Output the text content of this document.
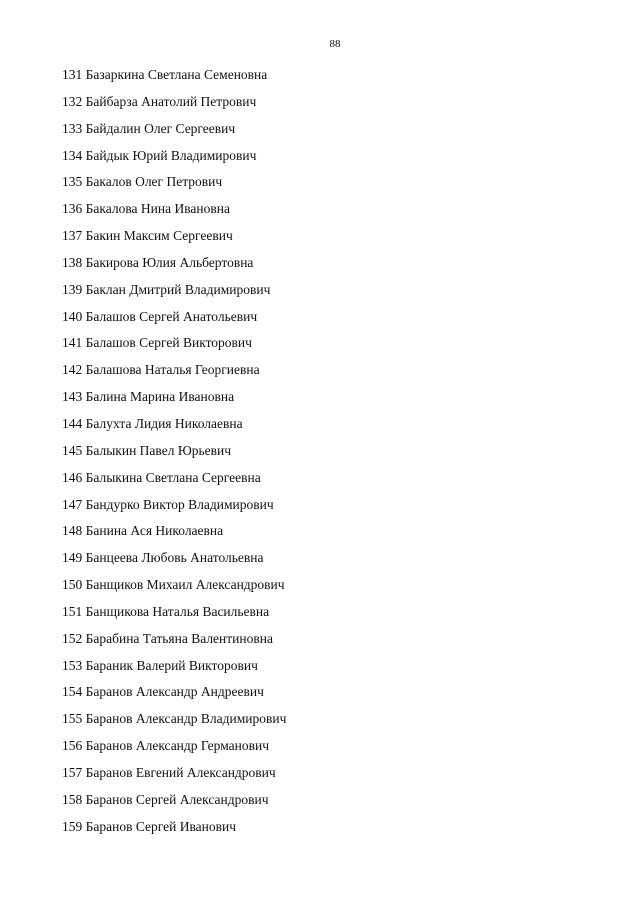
88
131 Базаркина Светлана Семеновна
132 Байбарза Анатолий Петрович
133 Байдалин Олег Сергеевич
134 Байдык Юрий Владимирович
135 Бакалов Олег Петрович
136 Бакалова Нина Ивановна
137 Бакин Максим Сергеевич
138 Бакирова Юлия Альбертовна
139 Баклан Дмитрий Владимирович
140 Балашов Сергей Анатольевич
141 Балашов Сергей Викторович
142 Балашова Наталья Георгиевна
143 Балина Марина Ивановна
144 Балухта Лидия Николаевна
145 Балыкин Павел Юрьевич
146 Балыкина Светлана Сергеевна
147 Бандурко Виктор Владимирович
148 Банина Ася Николаевна
149 Банцеева Любовь Анатольевна
150 Банщиков Михаил Александрович
151 Банщикова Наталья Васильевна
152 Барабина Татьяна Валентиновна
153 Бараник Валерий Викторович
154 Баранов Александр Андреевич
155 Баранов Александр Владимирович
156 Баранов Александр Германович
157 Баранов Евгений Александрович
158 Баранов Сергей Александрович
159 Баранов Сергей Иванович
